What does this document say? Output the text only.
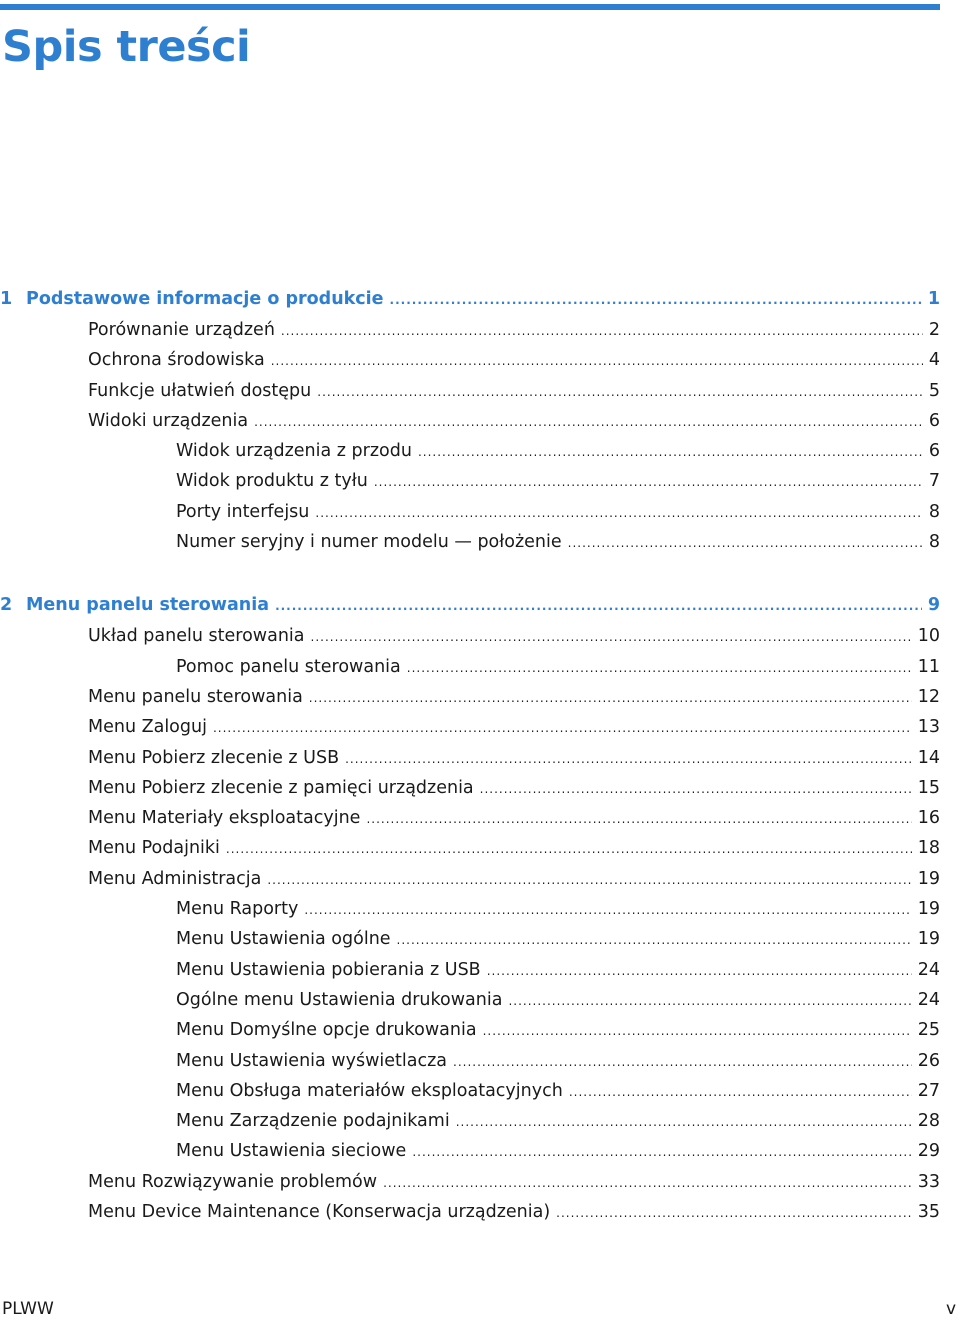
Spis treści
1 Podstawowe informacje o produkcie .....	1
Porównanie urządzeń .....	2
Ochrona środowiska .....	4
Funkcje ułatwień dostępu .....	5
Widoki urządzenia .....	6
Widok urządzenia z przodu .....	6
Widok produktu z tyłu .....	7
Porty interfejsu .....	8
Numer seryjny i numer modelu — położenie .....	8
2 Menu panelu sterowania .....	9
Układ panelu sterowania .....	10
Pomoc panelu sterowania .....	11
Menu panelu sterowania .....	12
Menu Zaloguj .....	13
Menu Pobierz zlecenie z USB .....	14
Menu Pobierz zlecenie z pamięci urządzenia .....	15
Menu Materiały eksploatacyjne .....	16
Menu Podajniki .....	18
Menu Administracja .....	19
Menu Raporty .....	19
Menu Ustawienia ogólne .....	19
Menu Ustawienia pobierania z USB .....	24
Ogólne menu Ustawienia drukowania .....	24
Menu Domyślne opcje drukowania .....	25
Menu Ustawienia wyświetlacza .....	26
Menu Obsługa materiałów eksploatacyjnych .....	27
Menu Zarządzenie podajnikami .....	28
Menu Ustawienia sieciowe .....	29
Menu Rozwiązywanie problemów .....	33
Menu Device Maintenance (Konserwacja urządzenia) .....	35
PLWW	v
